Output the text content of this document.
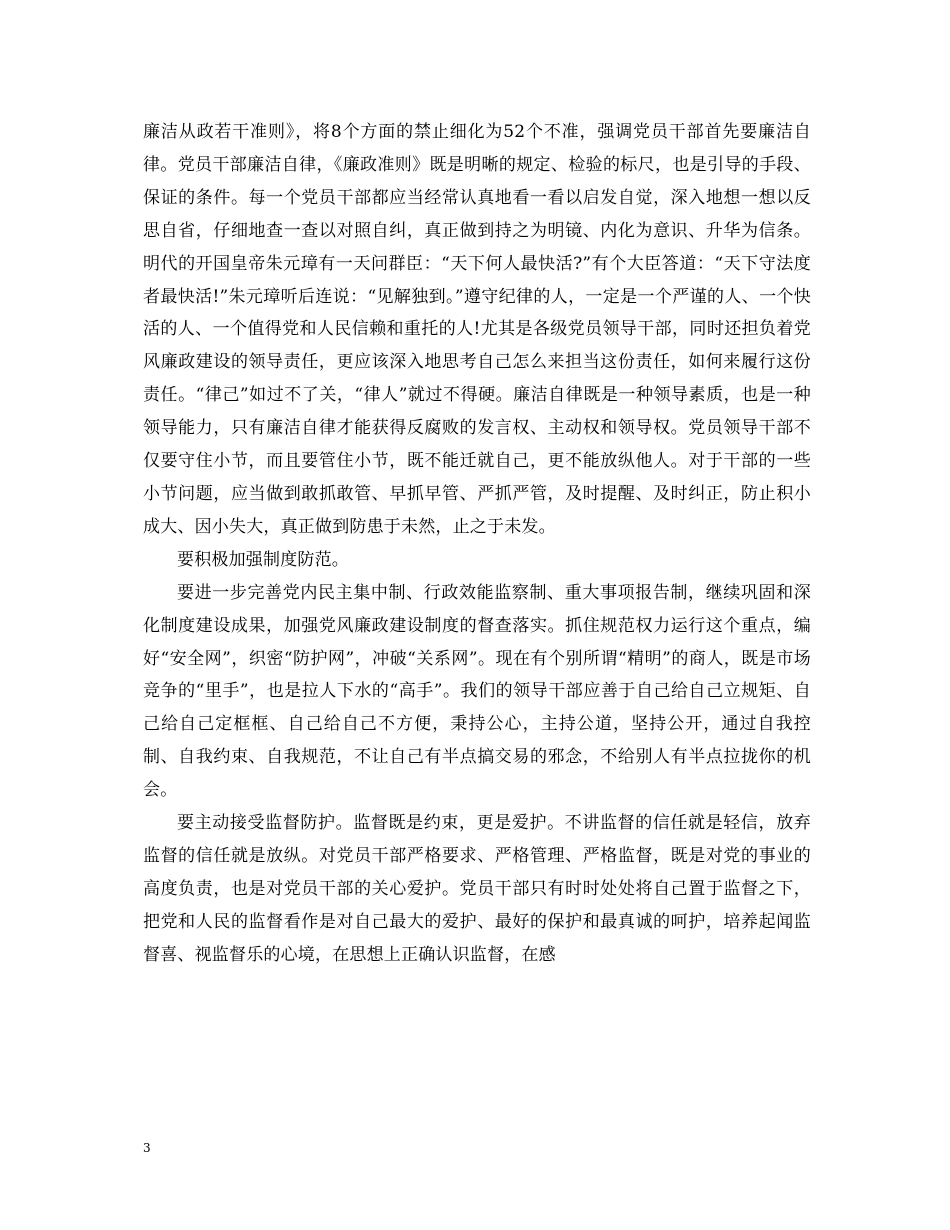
廉洁从政若干准则》，将8个方面的禁止细化为52个不准，强调党员干部首先要廉洁自律。党员干部廉洁自律，《廉政准则》既是明晰的规定、检验的标尺，也是引导的手段、保证的条件。每一个党员干部都应当经常认真地看一看以启发自觉，深入地想一想以反思自省，仔细地查一查以对照自纠，真正做到持之为明镜、内化为意识、升华为信条。明代的开国皇帝朱元璋有一天问群臣：“天下何人最快活?”有个大臣答道：“天下守法度者最快活!”朱元璋听后连说：“见解独到。”遵守纪律的人，一定是一个严谨的人、一个快活的人、一个值得党和人民信赖和重托的人!尤其是各级党员领导干部，同时还担负着党风廉政建设的领导责任，更应该深入地思考自己怎么来担当这份责任，如何来履行这份责任。“律己”如过不了关，“律人”就过不得硬。廉洁自律既是一种领导素质，也是一种领导能力，只有廉洁自律才能获得反腐败的发言权、主动权和领导权。党员领导干部不仅要守住小节，而且要管住小节，既不能迁就自己，更不能放纵他人。对于干部的一些小节问题，应当做到敢抓敢管、早抓早管、严抓严管，及时提醒、及时纠正，防止积小成大、因小失大，真正做到防患于未然，止之于未发。

要积极加强制度防范。

要进一步完善党内民主集中制、行政效能监察制、重大事项报告制，继续巩固和深化制度建设成果，加强党风廉政建设制度的督查落实。抓住规范权力运行这个重点，编好“安全网”，织密“防护网”，冲破“关系网”。现在有个别所谓“精明”的商人，既是市场竞争的“里手”，也是拉人下水的“高手”。我们的领导干部应善于自己给自己立规矩、自己给自己定框框、自己给自己不方便，秉持公心，主持公道，坚持公开，通过自我控制、自我约束、自我规范，不让自己有半点搞交易的邪念，不给别人有半点拉拢你的机会。

要主动接受监督防护。监督既是约束，更是爱护。不讲监督的信任就是轻信，放弃监督的信任就是放纵。对党员干部严格要求、严格管理、严格监督，既是对党的事业的高度负责，也是对党员干部的关心爱护。党员干部只有时时处处将自己置于监督之下，把党和人民的监督看作是对自己最大的爱护、最好的保护和最真诚的呵护，培养起闻监督喜、视监督乐的心境，在思想上正确认识监督，在感

3
